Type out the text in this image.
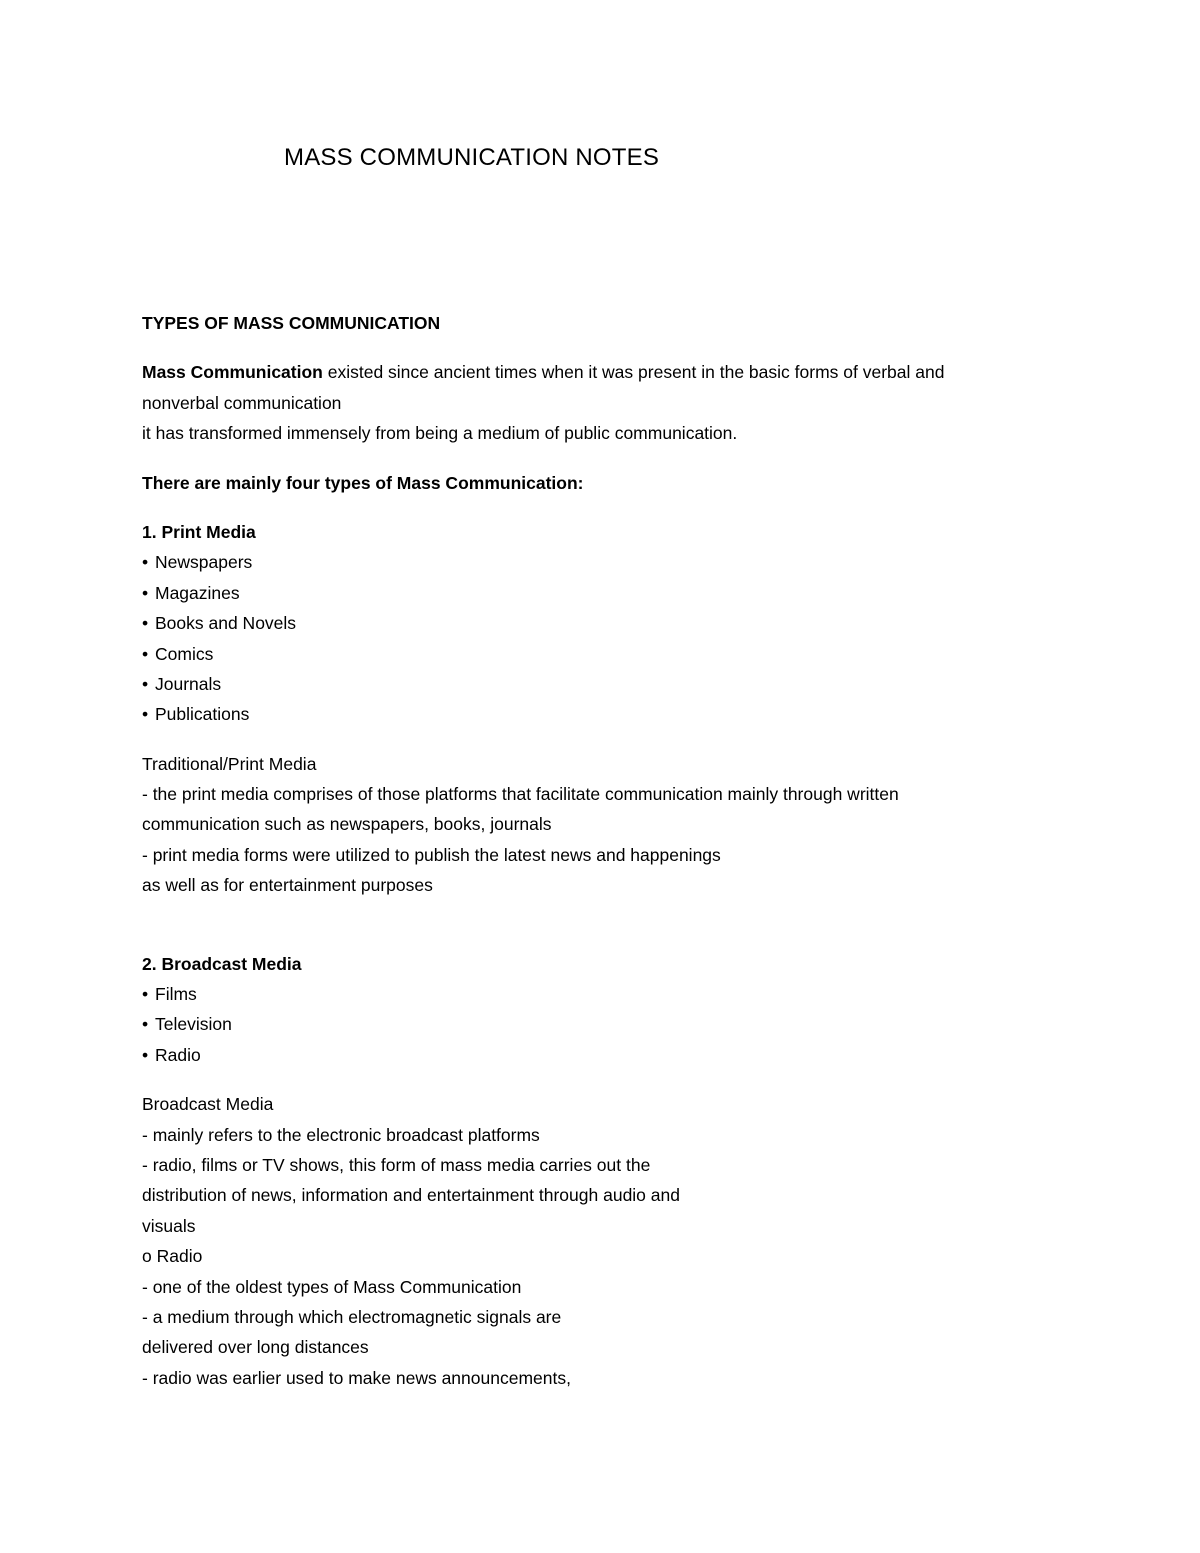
MASS COMMUNICATION NOTES
TYPES OF MASS COMMUNICATION
Mass Communication existed since ancient times when it was present in the basic forms of verbal and
nonverbal communication
it has transformed immensely from being a medium of public communication.
There are mainly four types of Mass Communication:
1. Print Media
• Newspapers
• Magazines
• Books and Novels
• Comics
• Journals
• Publications
Traditional/Print Media
- the print media comprises of those platforms that facilitate communication mainly through written
communication such as newspapers, books, journals
- print media forms were utilized to publish the latest news and happenings
as well as for entertainment purposes
2. Broadcast Media
• Films
• Television
• Radio
Broadcast Media
- mainly refers to the electronic broadcast platforms
- radio, films or TV shows, this form of mass media carries out the
distribution of news, information and entertainment through audio and
visuals
o Radio
- one of the oldest types of Mass Communication
- a medium through which electromagnetic signals are
delivered over long distances
- radio was earlier used to make news announcements,
